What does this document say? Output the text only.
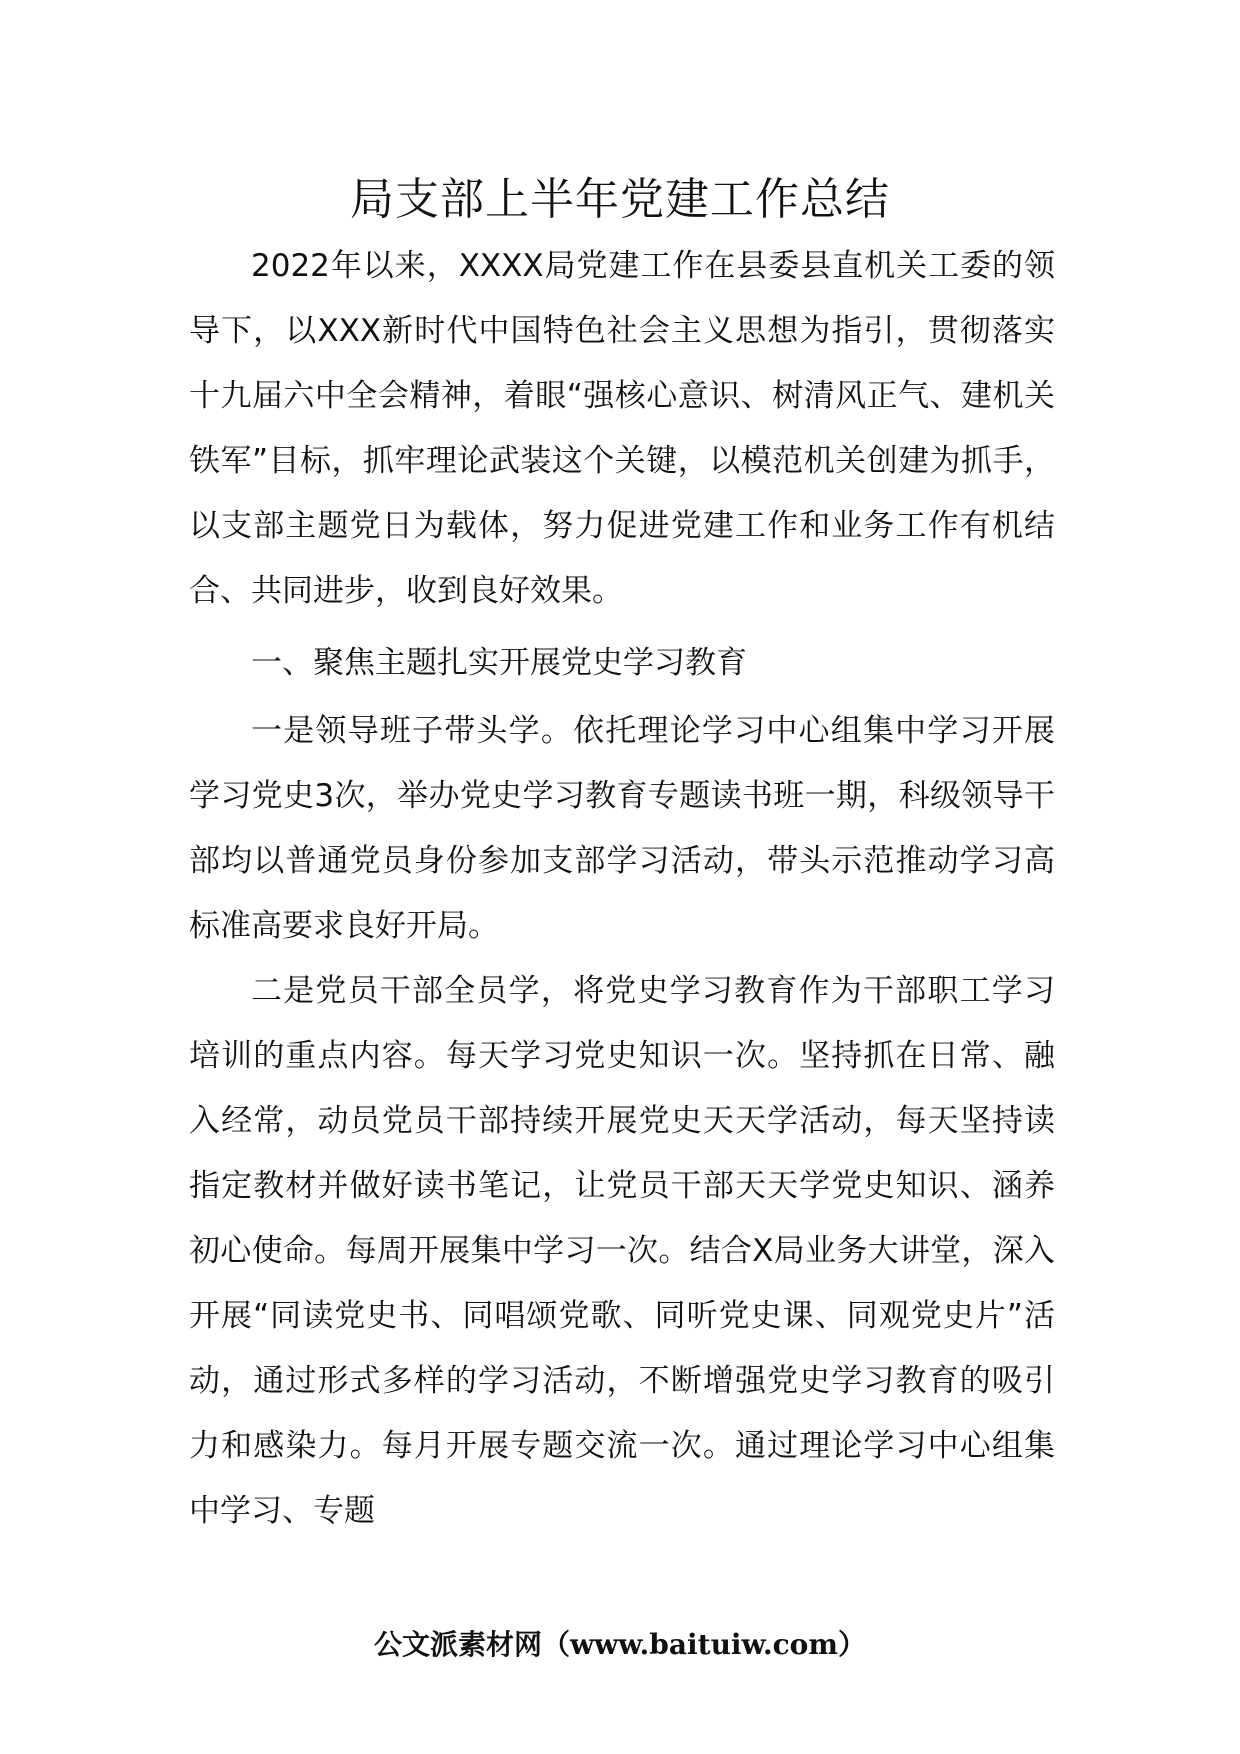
局支部上半年党建工作总结

2022年以来，XXXX局党建工作在县委县直机关工委的领导下，以XXX新时代中国特色社会主义思想为指引，贯彻落实十九届六中全会精神，着眼“强核心意识、树清风正气、建机关铁军”目标，抓牢理论武装这个关键，以模范机关创建为抓手，以支部主题党日为载体，努力促进党建工作和业务工作有机结合、共同进步，收到良好效果。

一、聚焦主题扎实开展党史学习教育

一是领导班子带头学。依托理论学习中心组集中学习开展学习党史3次，举办党史学习教育专题读书班一期，科级领导干部均以普通党员身份参加支部学习活动，带头示范推动学习高标准高要求良好开局。

二是党员干部全员学，将党史学习教育作为干部职工学习培训的重点内容。每天学习党史知识一次。坚持抓在日常、融入经常，动员党员干部持续开展党史天天学活动，每天坚持读指定教材并做好读书笔记，让党员干部天天学党史知识、涵养初心使命。每周开展集中学习一次。结合X局业务大讲堂，深入开展“同读党史书、同唱颂党歌、同听党史课、同观党史片”活动，通过形式多样的学习活动，不断增强党史学习教育的吸引力和感染力。每月开展专题交流一次。通过理论学习中心组集中学习、专题

公文派素材网（www.baituiw.com）
